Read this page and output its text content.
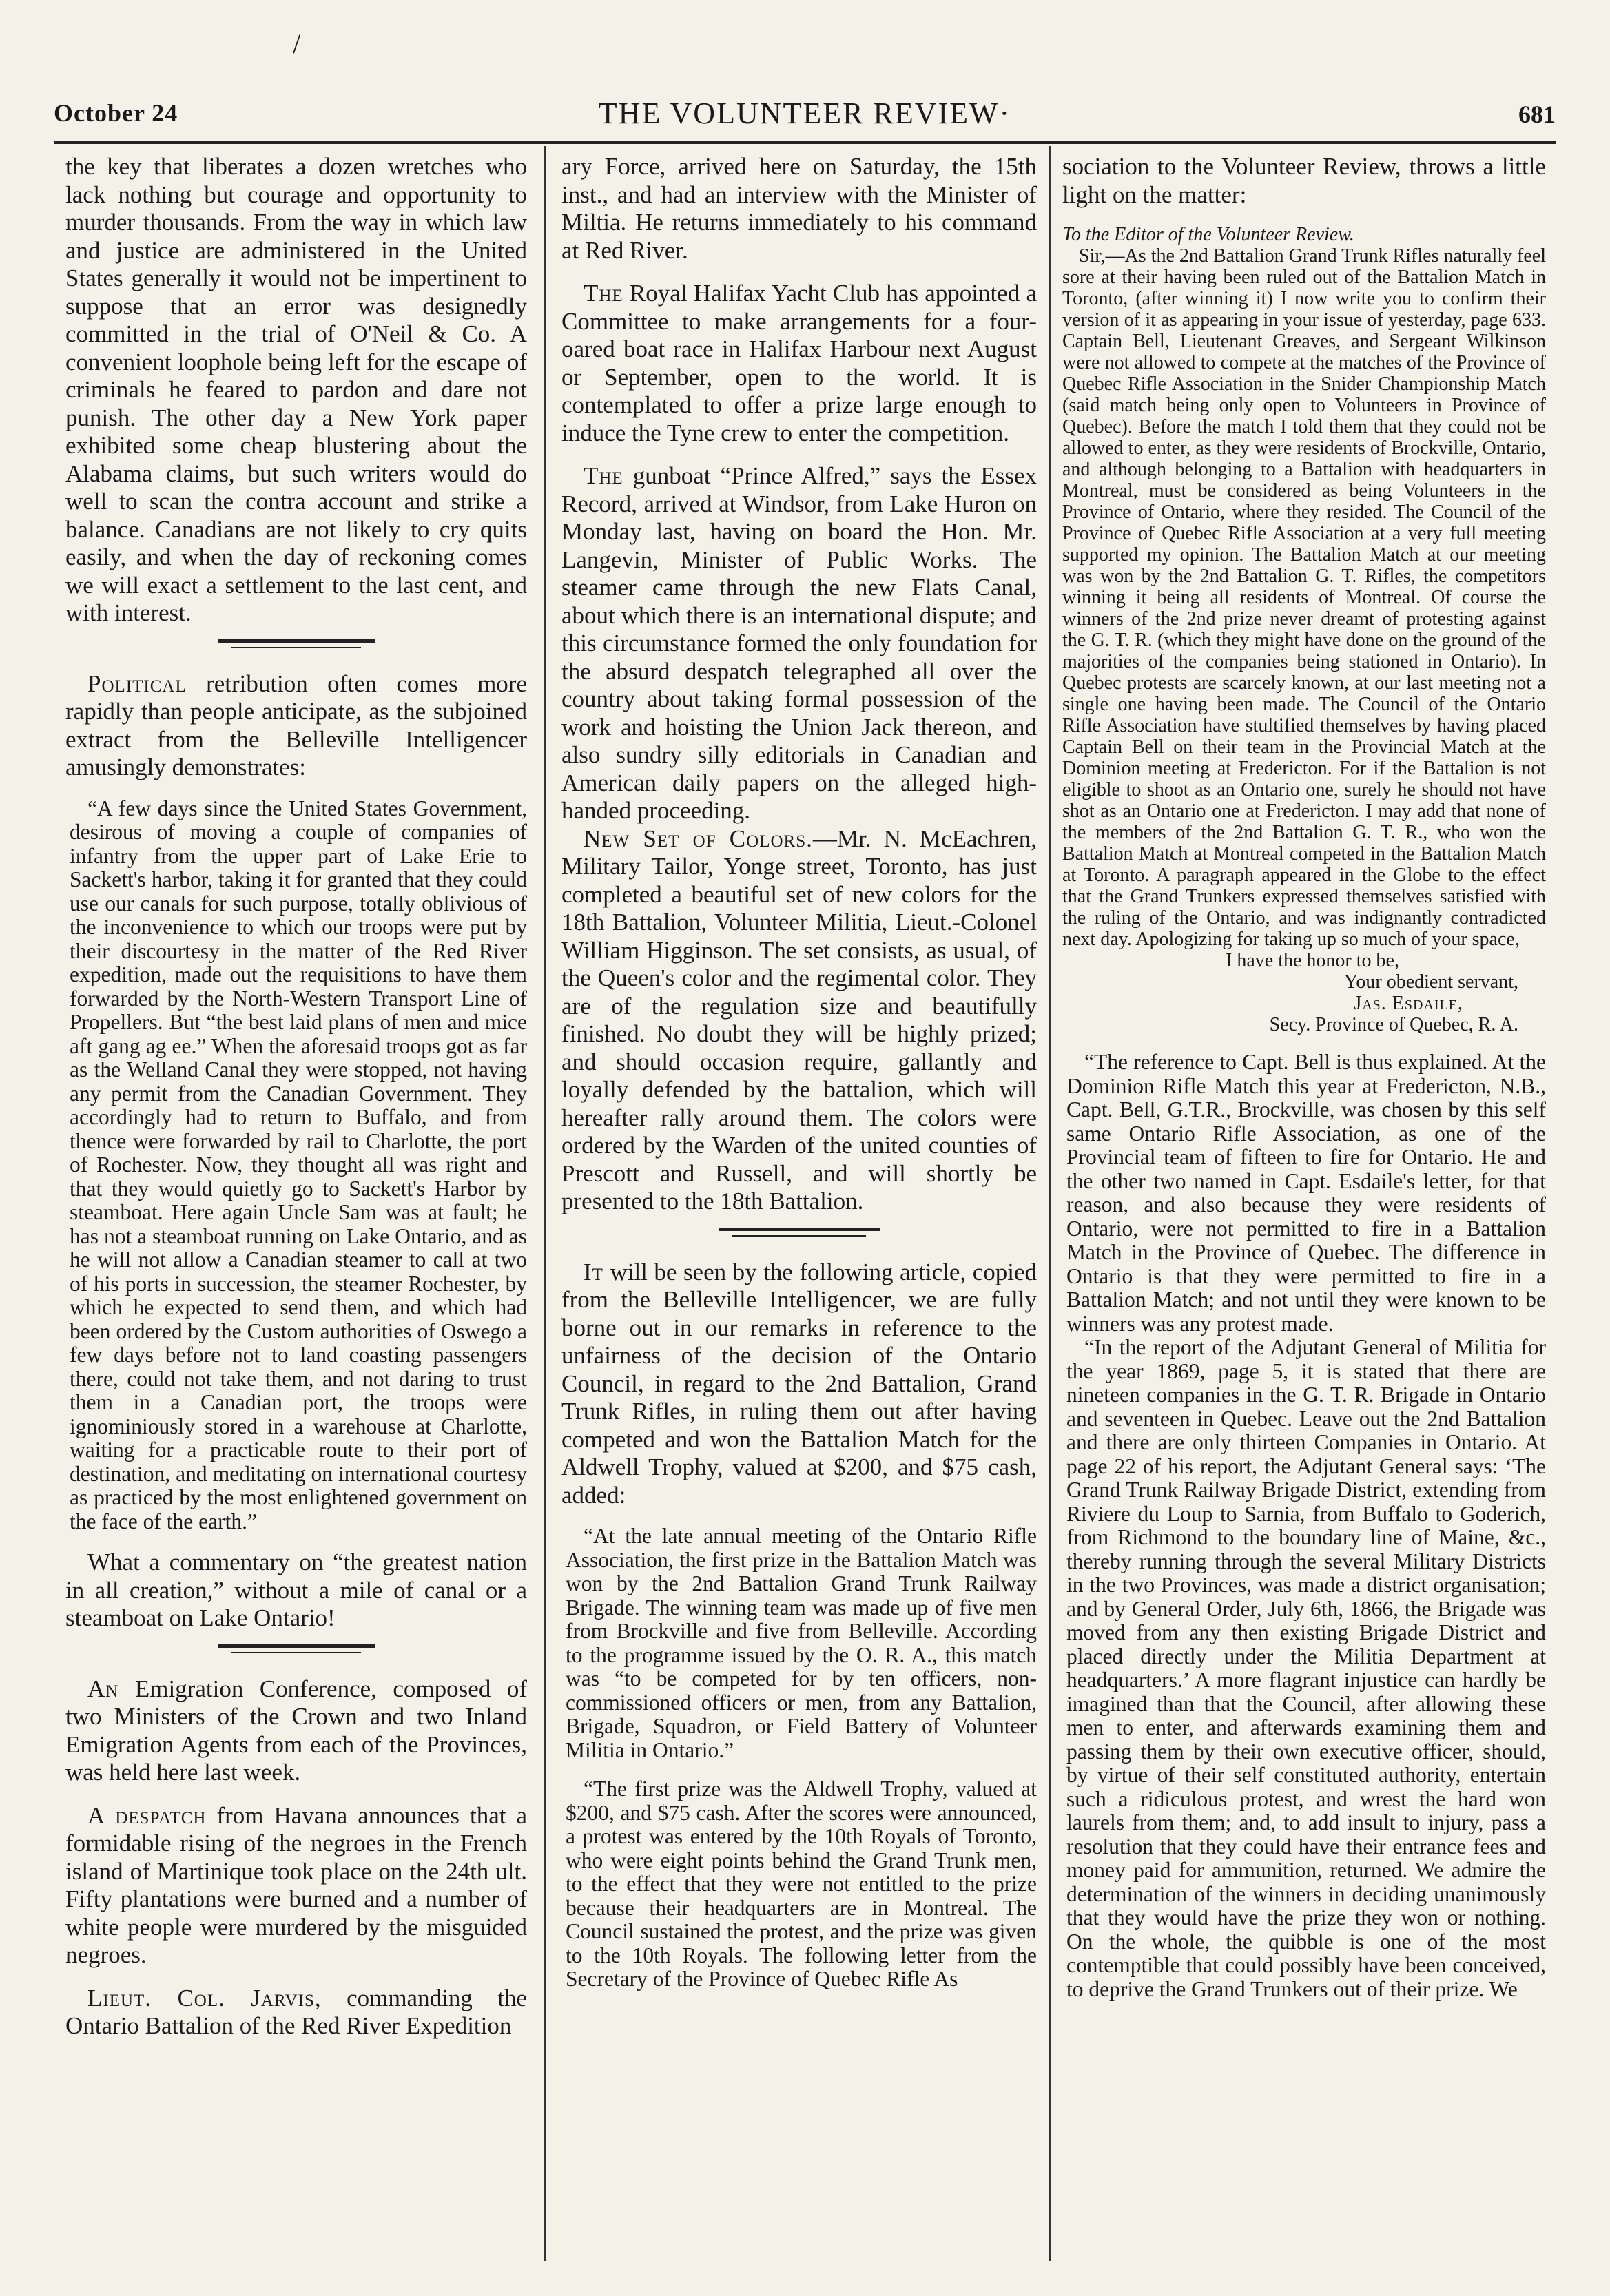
/
October 24	THE VOLUNTEER REVIEW·	681

the key that liberates a dozen wretches who lack nothing but courage and opportunity to murder thousands. From the way in which law and justice are administered in the United States generally it would not be impertinent to suppose that an error was designedly committed in the trial of O'Neil & Co. A convenient loophole being left for the escape of criminals he feared to pardon and dare not punish. The other day a New York paper exhibited some cheap blustering about the Alabama claims, but such writers would do well to scan the contra account and strike a balance. Canadians are not likely to cry quits easily, and when the day of reckoning comes we will exact a settlement to the last cent, and with interest.

Political retribution often comes more rapidly than people anticipate, as the subjoined extract from the Belleville Intelligencer amusingly demonstrates:

“A few days since the United States Government, desirous of moving a couple of companies of infantry from the upper part of Lake Erie to Sackett's harbor, taking it for granted that they could use our canals for such purpose, totally oblivious of the inconvenience to which our troops were put by their discourtesy in the matter of the Red River expedition, made out the requisitions to have them forwarded by the North-Western Transport Line of Propellers. But “the best laid plans of men and mice aft gang ag ee.” When the aforesaid troops got as far as the Welland Canal they were stopped, not having any permit from the Canadian Government. They accordingly had to return to Buffalo, and from thence were forwarded by rail to Charlotte, the port of Rochester. Now, they thought all was right and that they would quietly go to Sackett's Harbor by steamboat. Here again Uncle Sam was at fault; he has not a steamboat running on Lake Ontario, and as he will not allow a Canadian steamer to call at two of his ports in succession, the steamer Rochester, by which he expected to send them, and which had been ordered by the Custom authorities of Oswego a few days before not to land coasting passengers there, could not take them, and not daring to trust them in a Canadian port, the troops were ignominiously stored in a warehouse at Charlotte, waiting for a practicable route to their port of destination, and meditating on international courtesy as practiced by the most enlightened government on the face of the earth.”

What a commentary on “the greatest nation in all creation,” without a mile of canal or a steamboat on Lake Ontario!

An Emigration Conference, composed of two Ministers of the Crown and two Inland Emigration Agents from each of the Provinces, was held here last week.

A despatch from Havana announces that a formidable rising of the negroes in the French island of Martinique took place on the 24th ult. Fifty plantations were burned and a number of white people were murdered by the misguided negroes.

Lieut. Col. Jarvis, commanding the Ontario Battalion of the Red River Expedition

ary Force, arrived here on Saturday, the 15th inst., and had an interview with the Minister of Miltia. He returns immediately to his command at Red River.

The Royal Halifax Yacht Club has appointed a Committee to make arrangements for a four-oared boat race in Halifax Harbour next August or September, open to the world. It is contemplated to offer a prize large enough to induce the Tyne crew to enter the competition.

The gunboat “Prince Alfred,” says the Essex Record, arrived at Windsor, from Lake Huron on Monday last, having on board the Hon. Mr. Langevin, Minister of Public Works. The steamer came through the new Flats Canal, about which there is an international dispute; and this circumstance formed the only foundation for the absurd despatch telegraphed all over the country about taking formal possession of the work and hoisting the Union Jack thereon, and also sundry silly editorials in Canadian and American daily papers on the alleged high-handed proceeding.

New Set of Colors.—Mr. N. McEachren, Military Tailor, Yonge street, Toronto, has just completed a beautiful set of new colors for the 18th Battalion, Volunteer Militia, Lieut.-Colonel William Higginson. The set consists, as usual, of the Queen's color and the regimental color. They are of the regulation size and beautifully finished. No doubt they will be highly prized; and should occasion require, gallantly and loyally defended by the battalion, which will hereafter rally around them. The colors were ordered by the Warden of the united counties of Prescott and Russell, and will shortly be presented to the 18th Battalion.

It will be seen by the following article, copied from the Belleville Intelligencer, we are fully borne out in our remarks in reference to the unfairness of the decision of the Ontario Council, in regard to the 2nd Battalion, Grand Trunk Rifles, in ruling them out after having competed and won the Battalion Match for the Aldwell Trophy, valued at $200, and $75 cash, added:

“At the late annual meeting of the Ontario Rifle Association, the first prize in the Battalion Match was won by the 2nd Battalion Grand Trunk Railway Brigade. The winning team was made up of five men from Brockville and five from Belleville. According to the programme issued by the O. R. A., this match was “to be competed for by ten officers, non-commissioned officers or men, from any Battalion, Brigade, Squadron, or Field Battery of Volunteer Militia in Ontario.”

“The first prize was the Aldwell Trophy, valued at $200, and $75 cash. After the scores were announced, a protest was entered by the 10th Royals of Toronto, who were eight points behind the Grand Trunk men, to the effect that they were not entitled to the prize because their headquarters are in Montreal. The Council sustained the protest, and the prize was given to the 10th Royals. The following letter from the Secretary of the Province of Quebec Rifle As

sociation to the Volunteer Review, throws a little light on the matter:

To the Editor of the Volunteer Review.

Sir,—As the 2nd Battalion Grand Trunk Rifles naturally feel sore at their having been ruled out of the Battalion Match in Toronto, (after winning it) I now write you to confirm their version of it as appearing in your issue of yesterday, page 633. Captain Bell, Lieutenant Greaves, and Sergeant Wilkinson were not allowed to compete at the matches of the Province of Quebec Rifle Association in the Snider Championship Match (said match being only open to Volunteers in Province of Quebec). Before the match I told them that they could not be allowed to enter, as they were residents of Brockville, Ontario, and although belonging to a Battalion with headquarters in Montreal, must be considered as being Volunteers in the Province of Ontario, where they resided. The Council of the Province of Quebec Rifle Association at a very full meeting supported my opinion. The Battalion Match at our meeting was won by the 2nd Battalion G. T. Rifles, the competitors winning it being all residents of Montreal. Of course the winners of the 2nd prize never dreamt of protesting against the G. T. R. (which they might have done on the ground of the majorities of the companies being stationed in Ontario). In Quebec protests are scarcely known, at our last meeting not a single one having been made. The Council of the Ontario Rifle Association have stultified themselves by having placed Captain Bell on their team in the Provincial Match at the Dominion meeting at Fredericton. For if the Battalion is not eligible to shoot as an Ontario one, surely he should not have shot as an Ontario one at Fredericton. I may add that none of the members of the 2nd Battalion G. T. R., who won the Battalion Match at Montreal competed in the Battalion Match at Toronto. A paragraph appeared in the Globe to the effect that the Grand Trunkers expressed themselves satisfied with the ruling of the Ontario, and was indignantly contradicted next day. Apologizing for taking up so much of your space,

I have the honor to be,

Your obedient servant,

Jas. Esdaile,

Secy. Province of Quebec, R. A.

“The reference to Capt. Bell is thus explained. At the Dominion Rifle Match this year at Fredericton, N.B., Capt. Bell, G.T.R., Brockville, was chosen by this self same Ontario Rifle Association, as one of the Provincial team of fifteen to fire for Ontario. He and the other two named in Capt. Esdaile's letter, for that reason, and also because they were residents of Ontario, were not permitted to fire in a Battalion Match in the Province of Quebec. The difference in Ontario is that they were permitted to fire in a Battalion Match; and not until they were known to be winners was any protest made.

“In the report of the Adjutant General of Militia for the year 1869, page 5, it is stated that there are nineteen companies in the G. T. R. Brigade in Ontario and seventeen in Quebec. Leave out the 2nd Battalion and there are only thirteen Companies in Ontario. At page 22 of his report, the Adjutant General says: ‘The Grand Trunk Railway Brigade District, extending from Riviere du Loup to Sarnia, from Buffalo to Goderich, from Richmond to the boundary line of Maine, &c., thereby running through the several Military Districts in the two Provinces, was made a district organisation; and by General Order, July 6th, 1866, the Brigade was moved from any then existing Brigade District and placed directly under the Militia Department at headquarters.’ A more flagrant injustice can hardly be imagined than that the Council, after allowing these men to enter, and afterwards examining them and passing them by their own executive officer, should, by virtue of their self constituted authority, entertain such a ridiculous protest, and wrest the hard won laurels from them; and, to add insult to injury, pass a resolution that they could have their entrance fees and money paid for ammunition, returned. We admire the determination of the winners in deciding unanimously that they would have the prize they won or nothing. On the whole, the quibble is one of the most contemptible that could possibly have been conceived, to deprive the Grand Trunkers out of their prize. We
